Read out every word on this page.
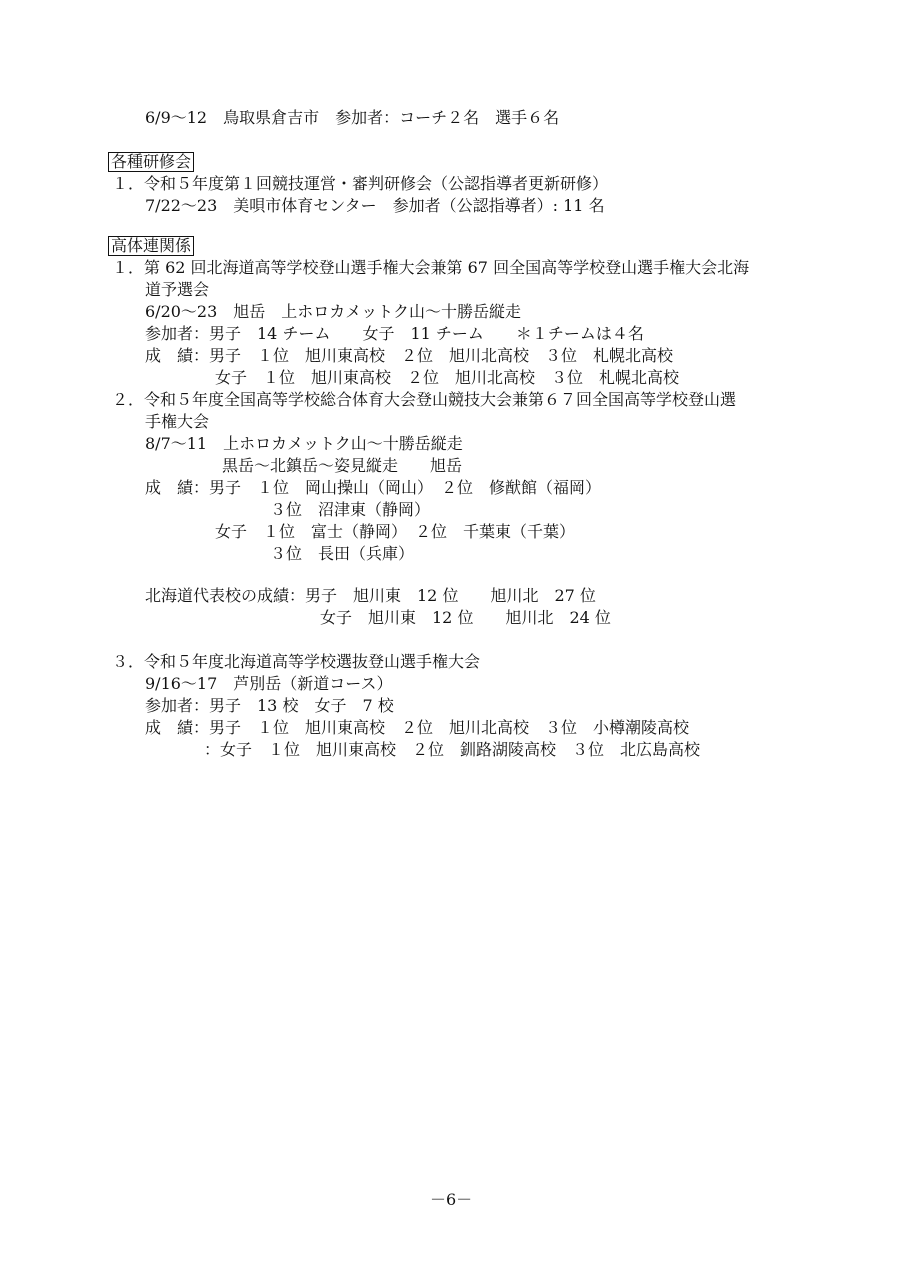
6/9～12　鳥取県倉吉市　参加者：コーチ２名　選手６名
各種研修会
１．令和５年度第１回競技運営・審判研修会（公認指導者更新研修）
7/22～23　美唄市体育センター　参加者（公認指導者）: 11 名
高体連関係
１．第 62 回北海道高等学校登山選手権大会兼第 67 回全国高等学校登山選手権大会北海
道予選会
6/20～23　旭岳　上ホロカメットク山～十勝岳縦走
参加者：男子　14 チーム　　女子　11 チーム　　＊１チームは４名
成　績：男子　１位　旭川東高校　２位　旭川北高校　３位　札幌北高校
女子　１位　旭川東高校　２位　旭川北高校　３位　札幌北高校
２．令和５年度全国高等学校総合体育大会登山競技大会兼第６７回全国高等学校登山選
手権大会
8/7～11　上ホロカメットク山～十勝岳縦走
黒岳～北鎮岳～姿見縦走　　旭岳
成　績：男子　１位　岡山操山（岡山）　２位　修猷館（福岡）
３位　沼津東（静岡）
女子　１位　富士（静岡）　２位　千葉東（千葉）
３位　長田（兵庫）
北海道代表校の成績：男子　旭川東　12 位　　旭川北　27 位
女子　旭川東　12 位　　旭川北　24 位
３．令和５年度北海道高等学校選抜登山選手権大会
9/16～17　芦別岳（新道コース）
参加者：男子　13 校　女子　7 校
成　績：男子　１位　旭川東高校　２位　旭川北高校　３位　小樽潮陵高校
：女子　１位　旭川東高校　２位　釧路湖陵高校　３位　北広島高校
－6－
